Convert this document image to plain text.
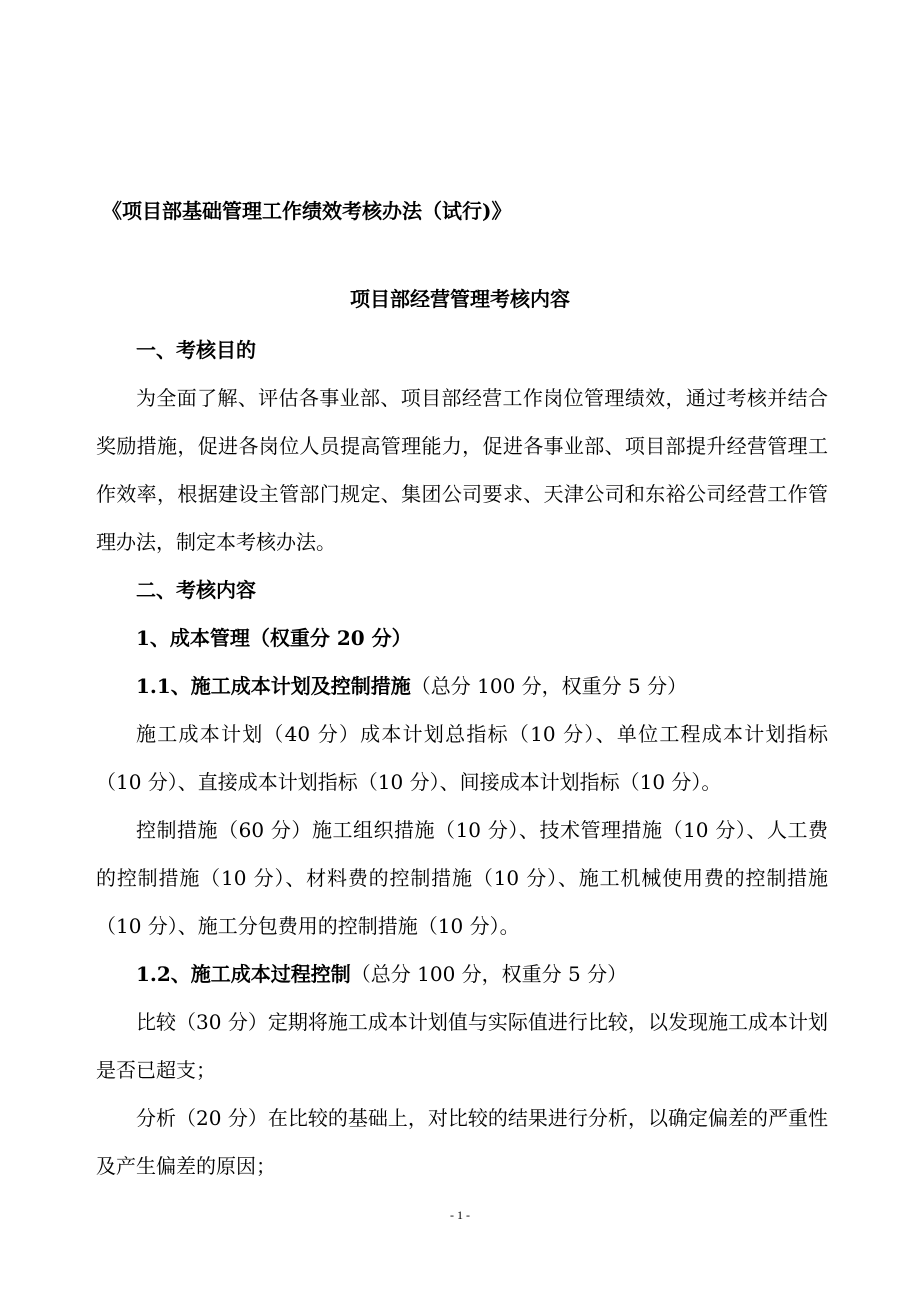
《项目部基础管理工作绩效考核办法（试行)》
项目部经营管理考核内容

一、考核目的

为全面了解、评估各事业部、项目部经营工作岗位管理绩效，通过考核并结合奖励措施，促进各岗位人员提高管理能力，促进各事业部、项目部提升经营管理工作效率，根据建设主管部门规定、集团公司要求、天津公司和东裕公司经营工作管理办法，制定本考核办法。

二、考核内容

1、成本管理（权重分 20 分）

1.1、施工成本计划及控制措施（总分 100 分，权重分 5 分）

施工成本计划（40 分）成本计划总指标（10 分）、单位工程成本计划指标（10 分）、直接成本计划指标（10 分）、间接成本计划指标（10 分）。

控制措施（60 分）施工组织措施（10 分）、技术管理措施（10 分）、人工费的控制措施（10 分）、材料费的控制措施（10 分）、施工机械使用费的控制措施（10 分）、施工分包费用的控制措施（10 分）。

1.2、施工成本过程控制（总分 100 分，权重分 5 分）

比较（30 分）定期将施工成本计划值与实际值进行比较，以发现施工成本计划是否已超支；

分析（20 分）在比较的基础上，对比较的结果进行分析，以确定偏差的严重性及产生偏差的原因；

- 1 -
